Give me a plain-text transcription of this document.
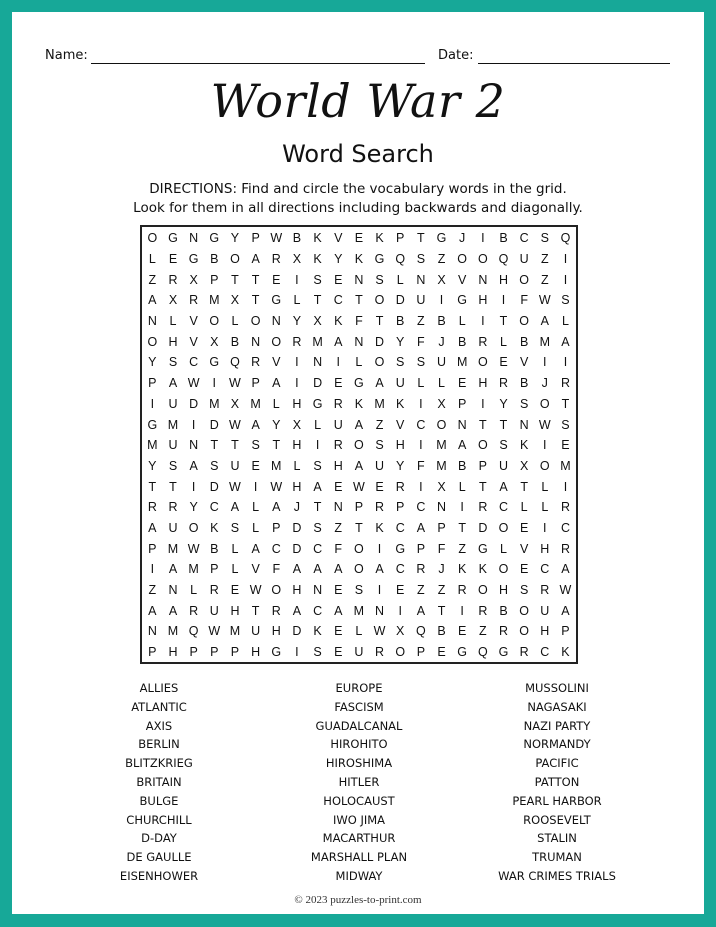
Name:	Date:
World War 2
Word Search
DIRECTIONS: Find and circle the vocabulary words in the grid.
Look for them in all directions including backwards and diagonally.
O G N G Y P W B K V E K P	T G	J	I	B C S Q
L	E G B O A R X K Y K G Q S	Z O O Q U Z	I
Z R X P	T	T	E	I	S E N S	L	N X V N H O Z	I
A X R M X	T G L	T C T O D U	I	G H	I	F W S
N	L	V O L O N Y X K	F	T	B	Z	B	L	I	T O A	L
O H V X B N O R M A N D Y	F	J	B R	L	B M A
Y S C G Q R V	I	N	I	L O S S U M O E V	I	I
P A W	I	W P A	I	D E G A U	L	L	E H R B	J	R
I	U D M X M L	H G R K M K	I	X P	I	Y S O T
G M	I	D W A Y X	L	U A	Z	V C O N T	T N W S
M U N T	T	S	T H	I	R O S H	I	M A O S K	I	E
Y S A S U E M L	S H A U Y	F M B P U X O M
T	T	I	D W	I	W H A E W E R	I	X	L	T	A	T	L	I
R R Y C A	L	A	J	T N P R P C N	I	R C	L	L	R
A U O K S	L	P D S	Z	T	K C A P	T D O E	I	C
P M W B	L	A C D C F O	I	G P	F	Z G L	V H R
I	A M P	L	V	F	A A A O A C R	J	K K O E C A
Z N	L	R E W O H N E S	I	E	Z	Z R O H S R W
A A R U H T R A C A M N	I	A	T	I	R B O U A
N M Q W M U H D K E	L W X Q B E	Z R O H P
P H P P P H G	I	S E U R O P E G Q G R C K
ALLIES
ATLANTIC
AXIS
BERLIN
BLITZKRIEG
BRITAIN
BULGE
CHURCHILL
D-DAY
DE GAULLE
EISENHOWER
EUROPE
FASCISM
GUADALCANAL
HIROHITO
HIROSHIMA
HITLER
HOLOCAUST
IWO JIMA
MACARTHUR
MARSHALL PLAN
MIDWAY
MUSSOLINI
NAGASAKI
NAZI PARTY
NORMANDY
PACIFIC
PATTON
PEARL HARBOR
ROOSEVELT
STALIN
TRUMAN
WAR CRIMES TRIALS
© 2023 puzzles-to-print.com
